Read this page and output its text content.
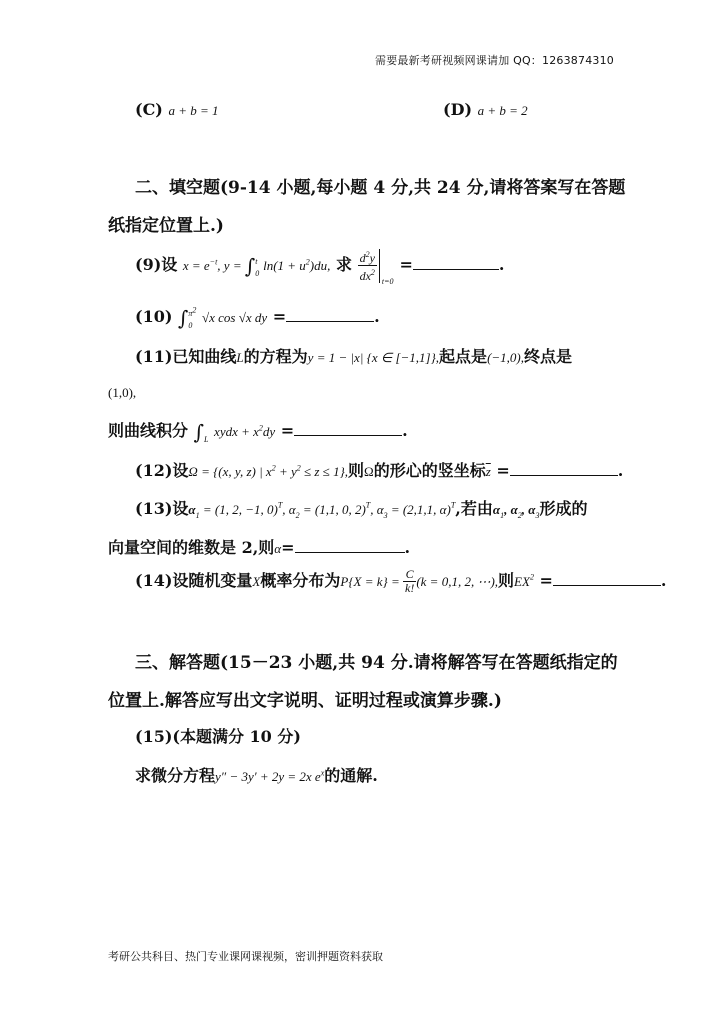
需要最新考研视频网课请加 QQ：1263874310
(C) a + b = 1	(D) a + b = 2
二、填空题(9-14 小题,每小题 4 分,共 24 分,请将答案写在答题
纸指定位置上.)
(9)设 $x = e^{-t}$, $y = \int_0^t$ $\ln(1 + u^2)du$, 求 $\frac{d^2y}{dx^2} t=0$
=	.
(10) $\int_0^{\pi^2}$ √x cos √x dy =	.
(11)已知曲线L的方程为y = 1 − |x| {x ∈ [−1,1]},起点是(−1,0),终点是
(1,0),
则曲线积分 $\int_L$ xydx + $x^2dy$ =	.
(12)设Ω = {(x, y, z) | $x^2 + y^2 \le z \le 1$},则Ω的形心的竖坐标$\overline{z}$ =	.
(13)设$\alpha_1 = (1$, 2, −1, 0)$^T$, $\alpha_2 = (1,1$, 0, 2)$^T$, $\alpha_3 = (2,1,1$, α)$^T$,若由$\alpha_1$, $\alpha_2$, $\alpha_3$形成的
向量空间的维数是 2,则α=	.
(14)设随机变量X概率分布为$P\{X = k\} = \frac{C}{k!} (k = 0,1$, 2, ⋯),则$EX^2$ =	.
三、解答题(15－23 小题,共 94 分.请将解答写在答题纸指定的
位置上.解答应写出文字说明、证明过程或演算步骤.)
(15)(本题满分 10 分)
求微分方程y″ − 3y′ + 2y = 2x $e^x$的通解.
考研公共科目、热门专业课网课视频，密训押题资料获取
